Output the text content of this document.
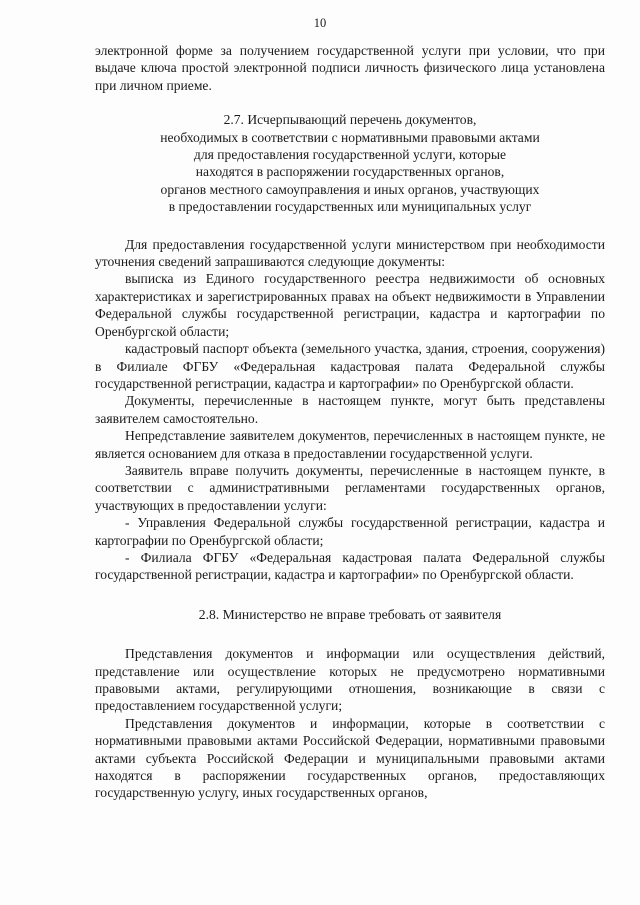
10

электронной форме за получением государственной услуги при условии, что при выдаче ключа простой электронной подписи личность физического лица установлена при личном приеме.

2.7. Исчерпывающий перечень документов,
необходимых в соответствии с нормативными правовыми актами
для предоставления государственной услуги, которые
находятся в распоряжении государственных органов,
органов местного самоуправления и иных органов, участвующих
в предоставлении государственных или муниципальных услуг

Для предоставления государственной услуги министерством при необходимости уточнения сведений запрашиваются следующие документы:

выписка из Единого государственного реестра недвижимости об основных характеристиках и зарегистрированных правах на объект недвижимости в Управлении Федеральной службы государственной регистрации, кадастра и картографии по Оренбургской области;

кадастровый паспорт объекта (земельного участка, здания, строения, сооружения) в Филиале ФГБУ «Федеральная кадастровая палата Федеральной службы государственной регистрации, кадастра и картографии» по Оренбургской области.

Документы, перечисленные в настоящем пункте, могут быть представлены заявителем самостоятельно.

Непредставление заявителем документов, перечисленных в настоящем пункте, не является основанием для отказа в предоставлении государственной услуги.

Заявитель вправе получить документы, перечисленные в настоящем пункте, в соответствии с административными регламентами государственных органов, участвующих в предоставлении услуги:

- Управления Федеральной службы государственной регистрации, кадастра и картографии по Оренбургской области;

- Филиала ФГБУ «Федеральная кадастровая палата Федеральной службы государственной регистрации, кадастра и картографии» по Оренбургской области.

2.8. Министерство не вправе требовать от заявителя

Представления документов и информации или осуществления действий, представление или осуществление которых не предусмотрено нормативными правовыми актами, регулирующими отношения, возникающие в связи с предоставлением государственной услуги;

Представления документов и информации, которые в соответствии с нормативными правовыми актами Российской Федерации, нормативными правовыми актами субъекта Российской Федерации и муниципальными правовыми актами находятся в распоряжении государственных органов, предоставляющих государственную услугу, иных государственных органов,
